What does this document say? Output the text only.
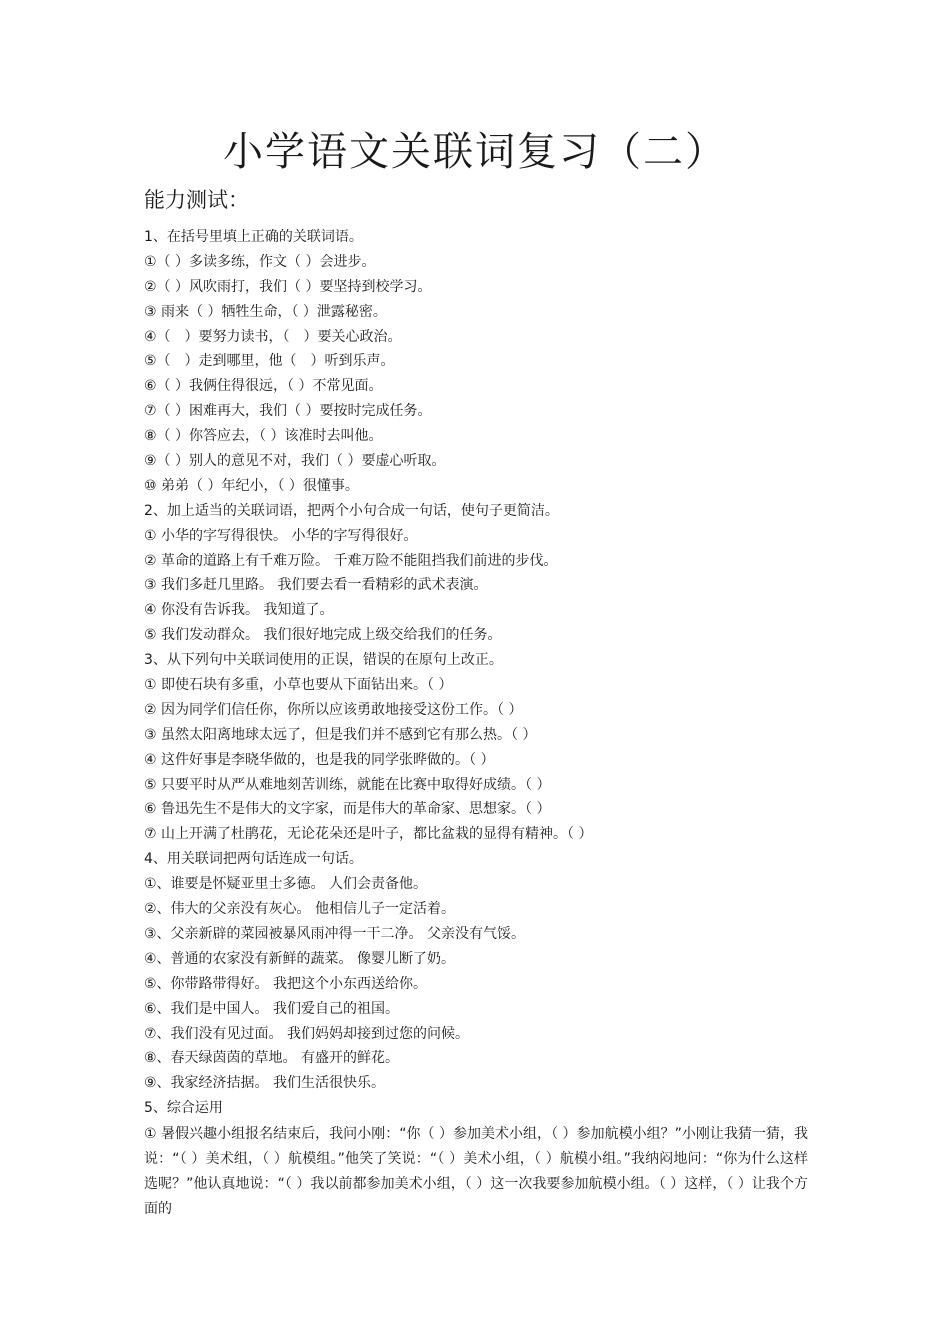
小学语文关联词复习（二）
能力测试：
1、在括号里填上正确的关联词语。
①（ ）多读多练，作文（ ）会进步。
②（ ）风吹雨打，我们（ ）要坚持到校学习。
③ 雨来（ ）牺牲生命，（ ）泄露秘密。
④（　）要努力读书，（　）要关心政治。
⑤（　）走到哪里，他（　）听到乐声。
⑥（ ）我俩住得很远，（ ）不常见面。
⑦（ ）困难再大，我们（ ）要按时完成任务。
⑧（ ）你答应去，（ ）该准时去叫他。
⑨（ ）别人的意见不对，我们（ ）要虚心听取。
⑩ 弟弟（ ）年纪小，（ ）很懂事。
2、加上适当的关联词语，把两个小句合成一句话，使句子更简洁。
① 小华的字写得很快。 小华的字写得很好。
② 革命的道路上有千难万险。 千难万险不能阻挡我们前进的步伐。
③ 我们多赶几里路。 我们要去看一看精彩的武术表演。
④ 你没有告诉我。 我知道了。
⑤ 我们发动群众。 我们很好地完成上级交给我们的任务。
3、从下列句中关联词使用的正误，错误的在原句上改正。
① 即使石块有多重，小草也要从下面钻出来。（ ）
② 因为同学们信任你，你所以应该勇敢地接受这份工作。（ ）
③ 虽然太阳离地球太远了，但是我们并不感到它有那么热。（ ）
④ 这件好事是李晓华做的，也是我的同学张晔做的。（ ）
⑤ 只要平时从严从难地刻苦训练，就能在比赛中取得好成绩。（ ）
⑥ 鲁迅先生不是伟大的文字家，而是伟大的革命家、思想家。（ ）
⑦ 山上开满了杜鹃花，无论花朵还是叶子，都比盆栽的显得有精神。（ ）
4、用关联词把两句话连成一句话。
①、谁要是怀疑亚里士多德。 人们会责备他。
②、伟大的父亲没有灰心。 他相信儿子一定活着。
③、父亲新辟的菜园被暴风雨冲得一干二净。 父亲没有气馁。
④、普通的农家没有新鲜的蔬菜。 像婴儿断了奶。
⑤、你带路带得好。 我把这个小东西送给你。
⑥、我们是中国人。 我们爱自己的祖国。
⑦、我们没有见过面。 我们妈妈却接到过您的问候。
⑧、春天绿茵茵的草地。 有盛开的鲜花。
⑨、我家经济拮据。 我们生活很快乐。
5、综合运用
① 暑假兴趣小组报名结束后，我问小刚：“你（ ）参加美术小组，（ ）参加航模小组？”小刚让我猜一猜，我说：“（ ）美术组，（ ）航模组。”他笑了笑说：“（ ）美术小组，（ ）航模小组。”我纳闷地问：“你为什么这样选呢？”他认真地说：“（ ）我以前都参加美术小组，（ ）这一次我要参加航模小组。（ ）这样，（ ）让我个方面的
